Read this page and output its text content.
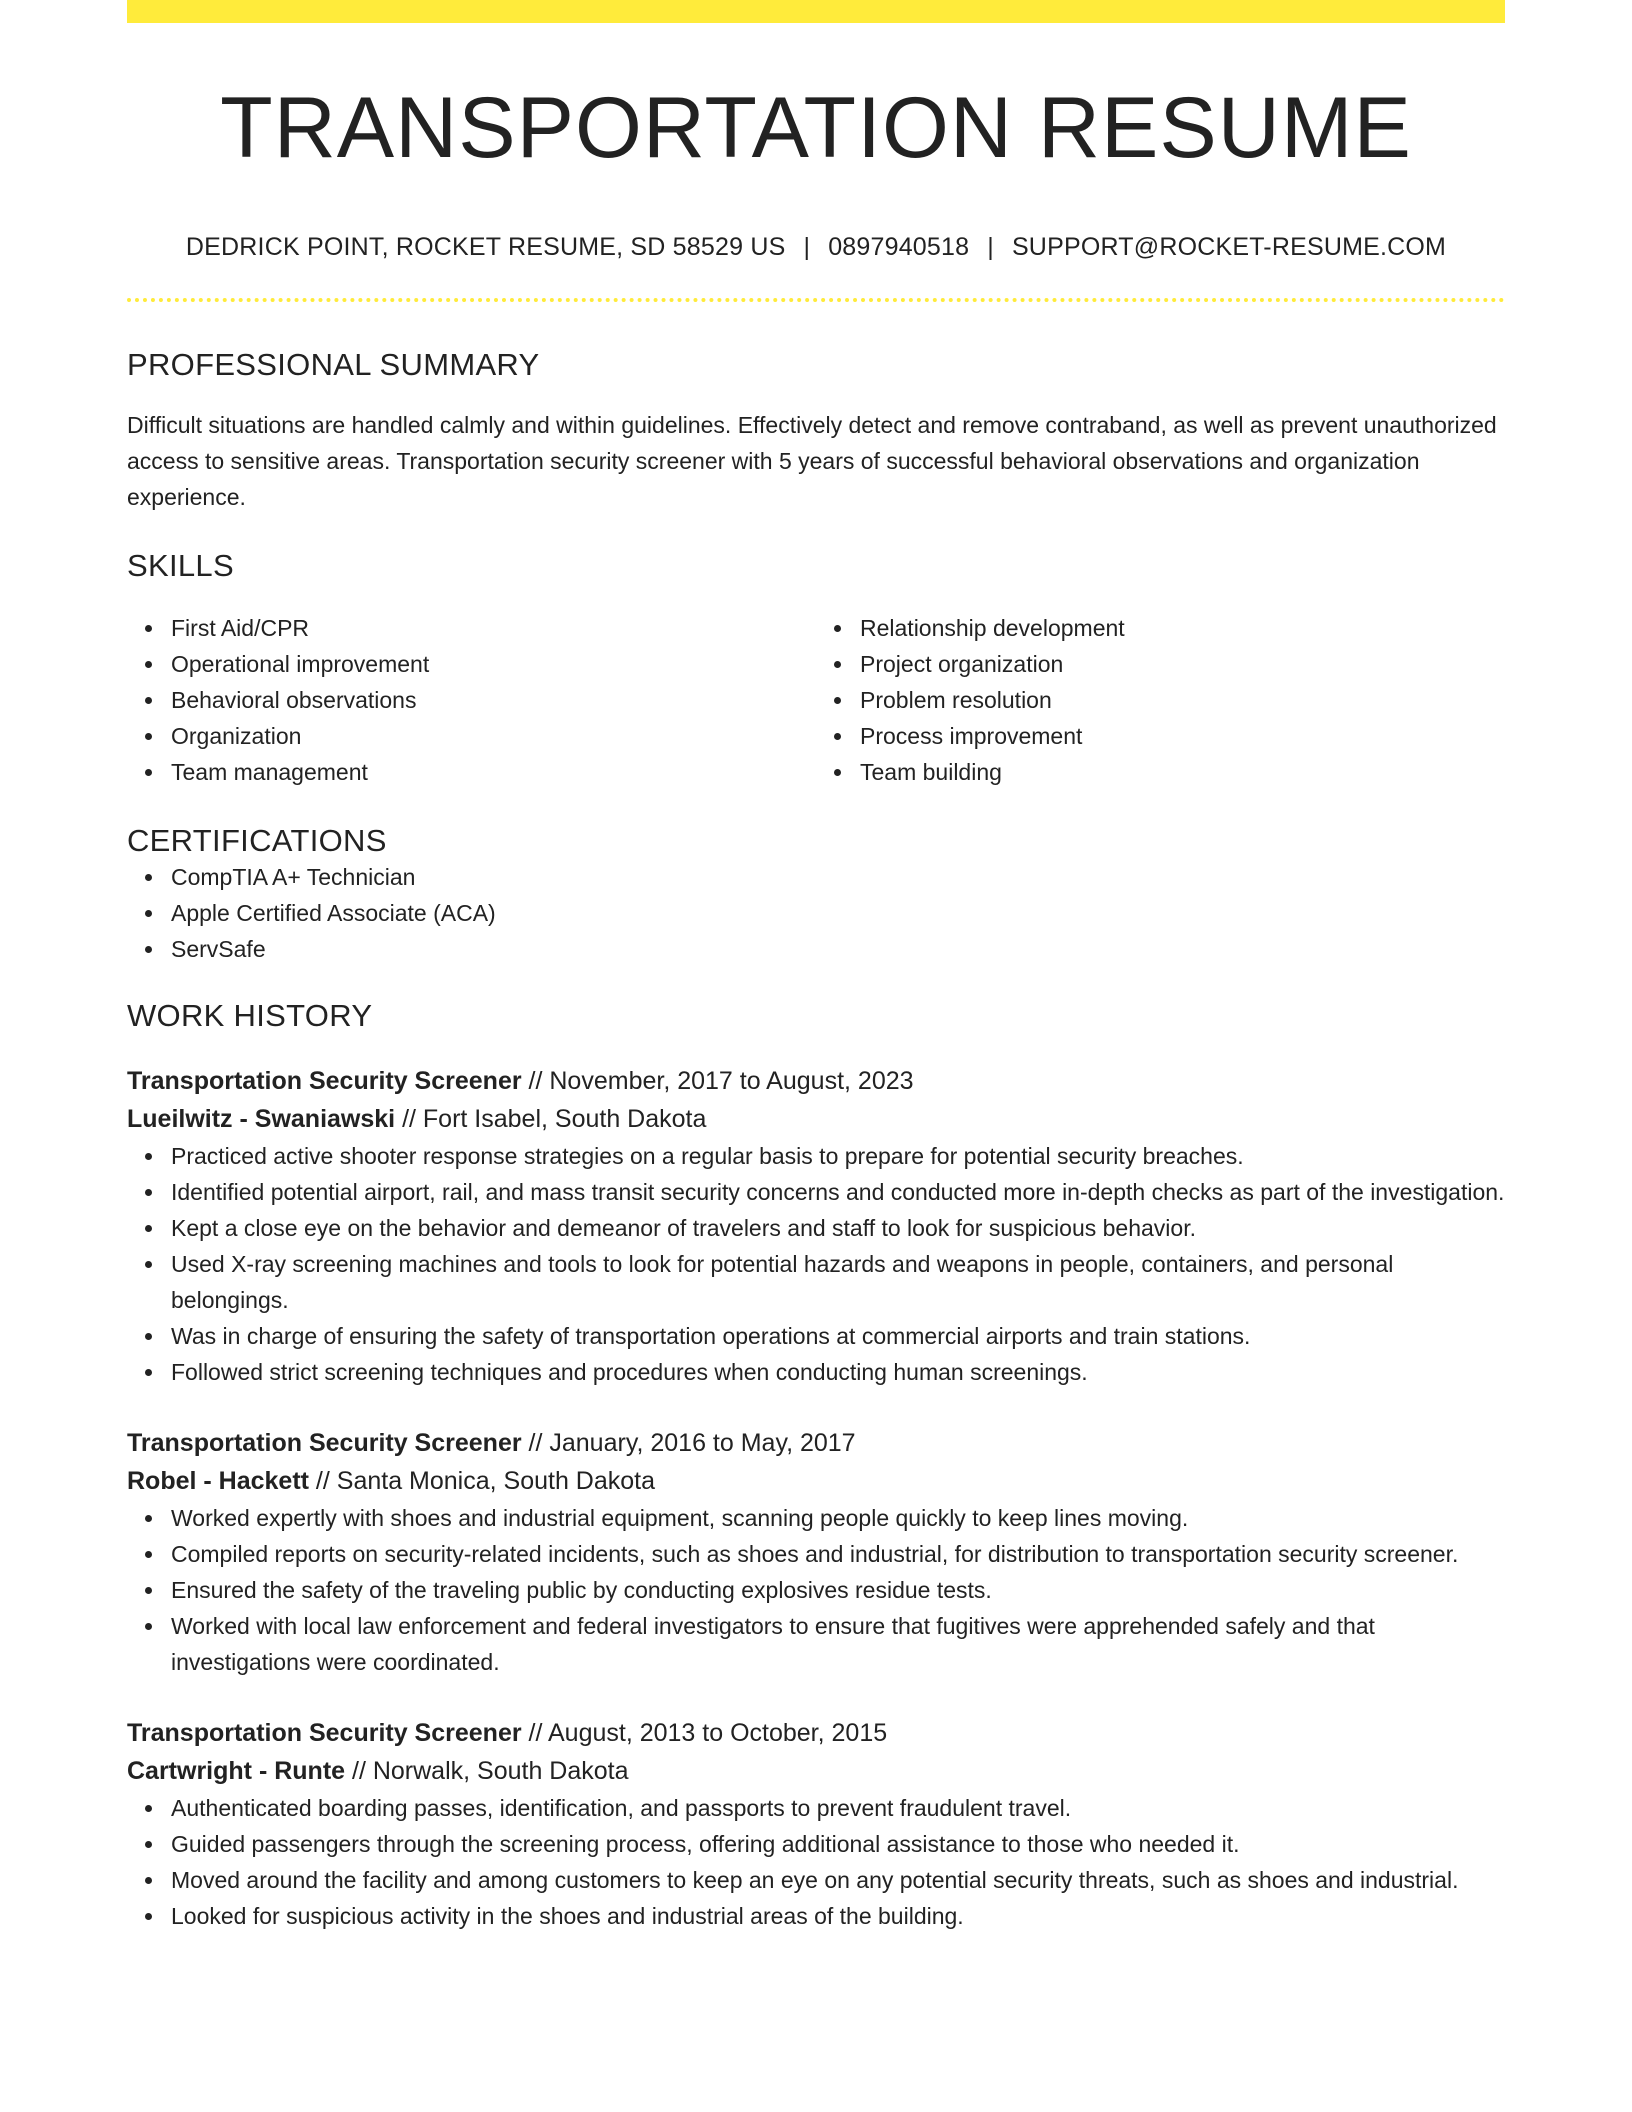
TRANSPORTATION RESUME
DEDRICK POINT, ROCKET RESUME, SD 58529 US | 0897940518 | SUPPORT@ROCKET-RESUME.COM
PROFESSIONAL SUMMARY

Difficult situations are handled calmly and within guidelines. Effectively detect and remove contraband, as well as prevent unauthorized access to sensitive areas. Transportation security screener with 5 years of successful behavioral observations and organization experience.

SKILLS
First Aid/CPR
Operational improvement
Behavioral observations
Organization
Team management
Relationship development
Project organization
Problem resolution
Process improvement
Team building
CERTIFICATIONS
CompTIA A+ Technician
Apple Certified Associate (ACA)
ServSafe
WORK HISTORY
Transportation Security Screener // November, 2017 to August, 2023
Lueilwitz - Swaniawski // Fort Isabel, South Dakota
Practiced active shooter response strategies on a regular basis to prepare for potential security breaches.
Identified potential airport, rail, and mass transit security concerns and conducted more in-depth checks as part of the investigation.
Kept a close eye on the behavior and demeanor of travelers and staff to look for suspicious behavior.
Used X-ray screening machines and tools to look for potential hazards and weapons in people, containers, and personal belongings.
Was in charge of ensuring the safety of transportation operations at commercial airports and train stations.
Followed strict screening techniques and procedures when conducting human screenings.
Transportation Security Screener // January, 2016 to May, 2017
Robel - Hackett // Santa Monica, South Dakota
Worked expertly with shoes and industrial equipment, scanning people quickly to keep lines moving.
Compiled reports on security-related incidents, such as shoes and industrial, for distribution to transportation security screener.
Ensured the safety of the traveling public by conducting explosives residue tests.
Worked with local law enforcement and federal investigators to ensure that fugitives were apprehended safely and that investigations were coordinated.
Transportation Security Screener // August, 2013 to October, 2015
Cartwright - Runte // Norwalk, South Dakota
Authenticated boarding passes, identification, and passports to prevent fraudulent travel.
Guided passengers through the screening process, offering additional assistance to those who needed it.
Moved around the facility and among customers to keep an eye on any potential security threats, such as shoes and industrial.
Looked for suspicious activity in the shoes and industrial areas of the building.
